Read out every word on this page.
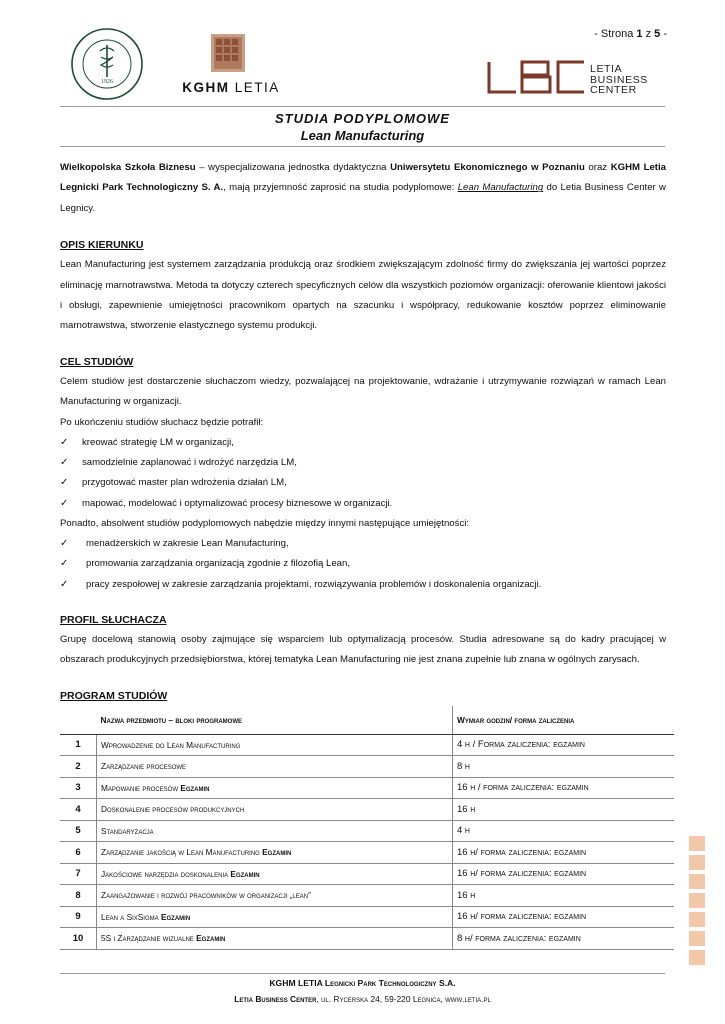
- Strona 1 z 5 -
1926	KGHM LETIA
LETIA
BUSINESS
CENTER
STUDIA PODYPLOMOWE
Lean Manufacturing

Wielkopolska Szkoła Biznesu – wyspecjalizowana jednostka dydaktyczna Uniwersytetu Ekonomicznego w Poznaniu oraz KGHM Letia Legnicki Park Technologiczny S. A., mają przyjemność zaprosić na studia podyplomowe: Lean Manufacturing do Letia Business Center w Legnicy.

OPIS KIERUNKU

Lean Manufacturing jest systemem zarządzania produkcją oraz środkiem zwiększającym zdolność firmy do zwiększania jej wartości poprzez eliminację marnotrawstwa. Metoda ta dotyczy czterech specyficznych celów dla wszystkich poziomów organizacji: oferowanie klientowi jakości i obsługi, zapewnienie umiejętności pracownikom opartych na szacunku i współpracy, redukowanie kosztów poprzez eliminowanie marnotrawstwa, stworzenie elastycznego systemu produkcji.

CEL STUDIÓW

Celem studiów jest dostarczenie słuchaczom wiedzy, pozwalającej na projektowanie, wdrażanie i utrzymywanie rozwiązań w ramach Lean Manufacturing w organizacji.

Po ukończeniu studiów słuchacz będzie potrafił:

✓ kreować strategię LM w organizacji,
✓ samodzielnie zaplanować i wdrożyć narzędzia LM,
✓ przygotować master plan wdrożenia działań LM,
✓ mapować, modelować i optymalizować procesy biznesowe w organizacji.

Ponadto, absolwent studiów podyplomowych nabędzie między innymi następujące umiejętności:

✓ menadżerskich w zakresie Lean Manufacturing,
✓ promowania zarządzania organizacją zgodnie z filozofią Lean,
✓ pracy zespołowej w zakresie zarządzania projektami, rozwiązywania problemów i doskonalenia organizacji.

PROFIL SŁUCHACZA

Grupę docelową stanowią osoby zajmujące się wsparciem lub optymalizacją procesów. Studia adresowane są do kadry pracującej w obszarach produkcyjnych przedsiębiorstwa, której tematyka Lean Manufacturing nie jest znana zupełnie lub znana w ogólnych zarysach.

PROGRAM STUDIÓW

	Nazwa przedmiotu – bloki programowe	Wymiar godzin/ forma zaliczenia
1	Wprowadzenie do Lean Manufacturing	4 h / Forma zaliczenia: egzamin
2	Zarządzanie procesowe	8 h
3	Mapowanie procesów Egzamin	16 h / forma zaliczenia: egzamin
4	Doskonalenie procesów produkcyjnych	16 h
5	Standaryzacja	4 h
6	Zarządzanie jakością w Lean Manufacturing Egzamin	16 h/ forma zaliczenia: egzamin
7	Jakościowe narzędzia doskonalenia Egzamin	16 h/ forma zaliczenia: egzamin
8	Zaangażowanie i rozwój pracowników w organizacji „lean”	16 h
9	Lean a SixSigma Egzamin	16 h/ forma zaliczenia: egzamin
10	5S i Zarządzanie wizualne Egzamin	8 h/ forma zaliczenia: egzamin
KGHM LETIA Legnicki Park Technologiczny S.A.
Letia Business Center, ul. Rycerska 24, 59-220 Legnica, www.letia.pl
